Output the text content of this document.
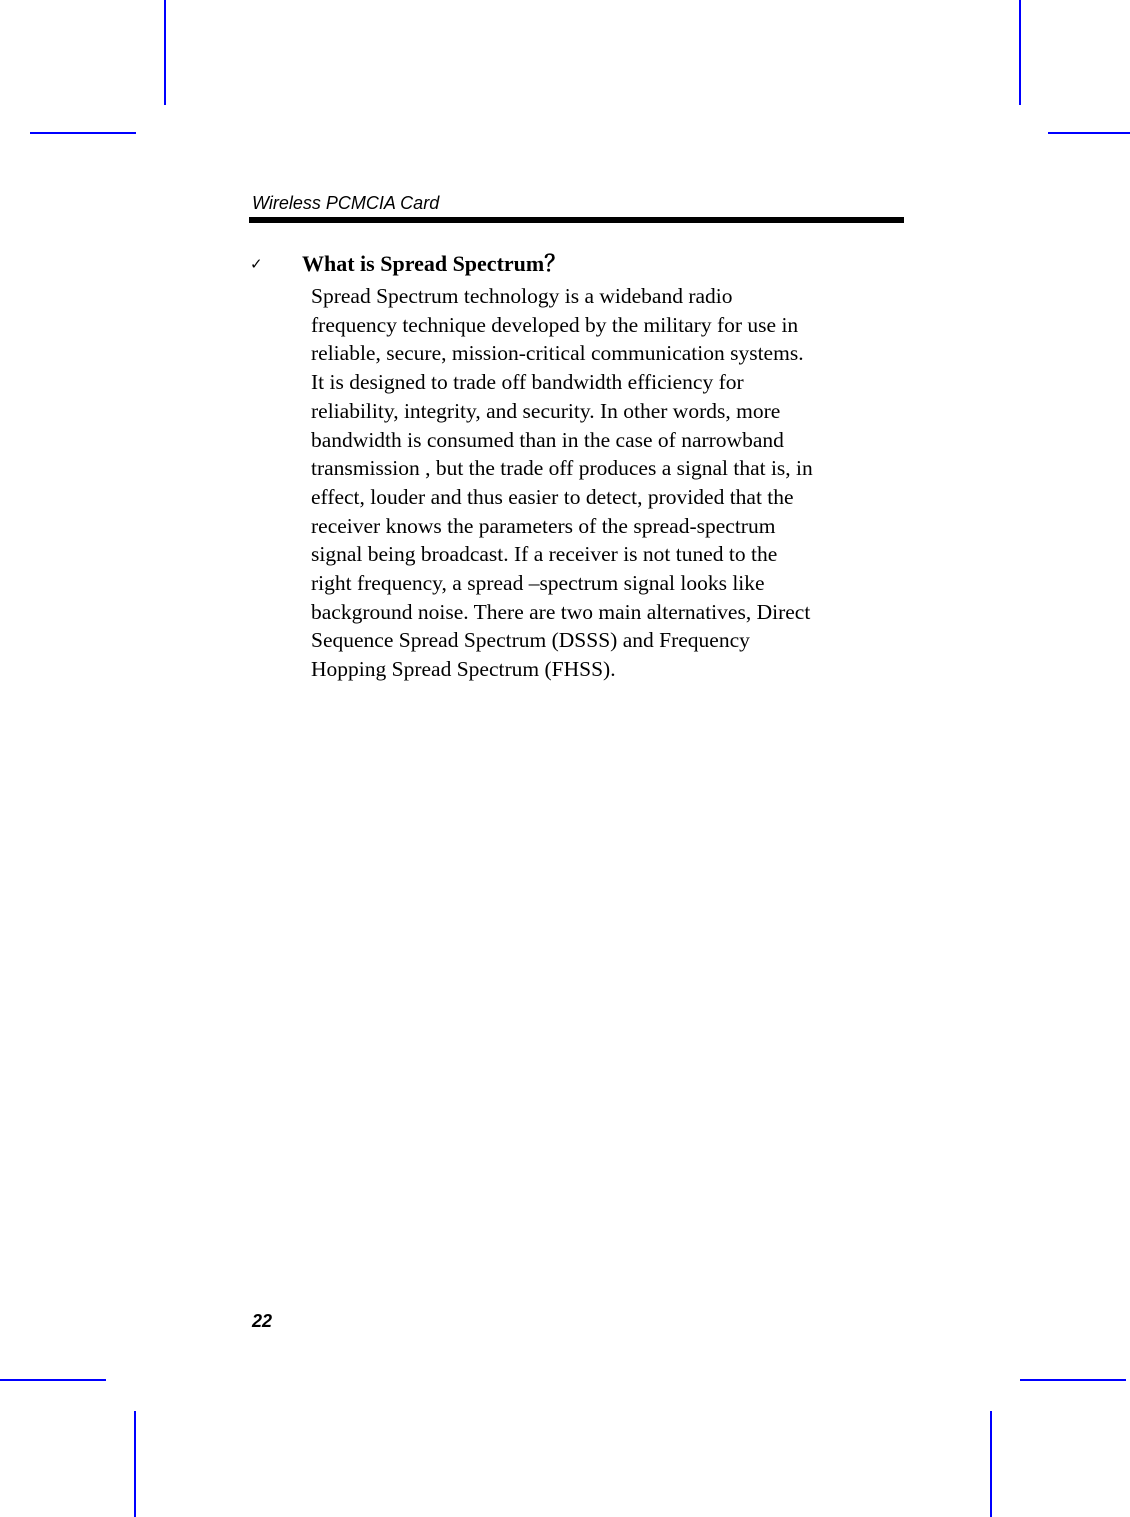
Wireless PCMCIA Card
✓ What is Spread Spectrum？
Spread Spectrum technology is a wideband radio
frequency technique developed by the military for use in
reliable, secure, mission-critical communication systems.
It is designed to trade off bandwidth efficiency for
reliability, integrity, and security. In other words, more
bandwidth is consumed than in the case of narrowband
transmission , but the trade off produces a signal that is, in
effect, louder and thus easier to detect, provided that the
receiver knows the parameters of the spread-spectrum
signal being broadcast. If a receiver is not tuned to the
right frequency, a spread –spectrum signal looks like
background noise. There are two main alternatives, Direct
Sequence Spread Spectrum (DSSS) and Frequency
Hopping Spread Spectrum (FHSS).
22
